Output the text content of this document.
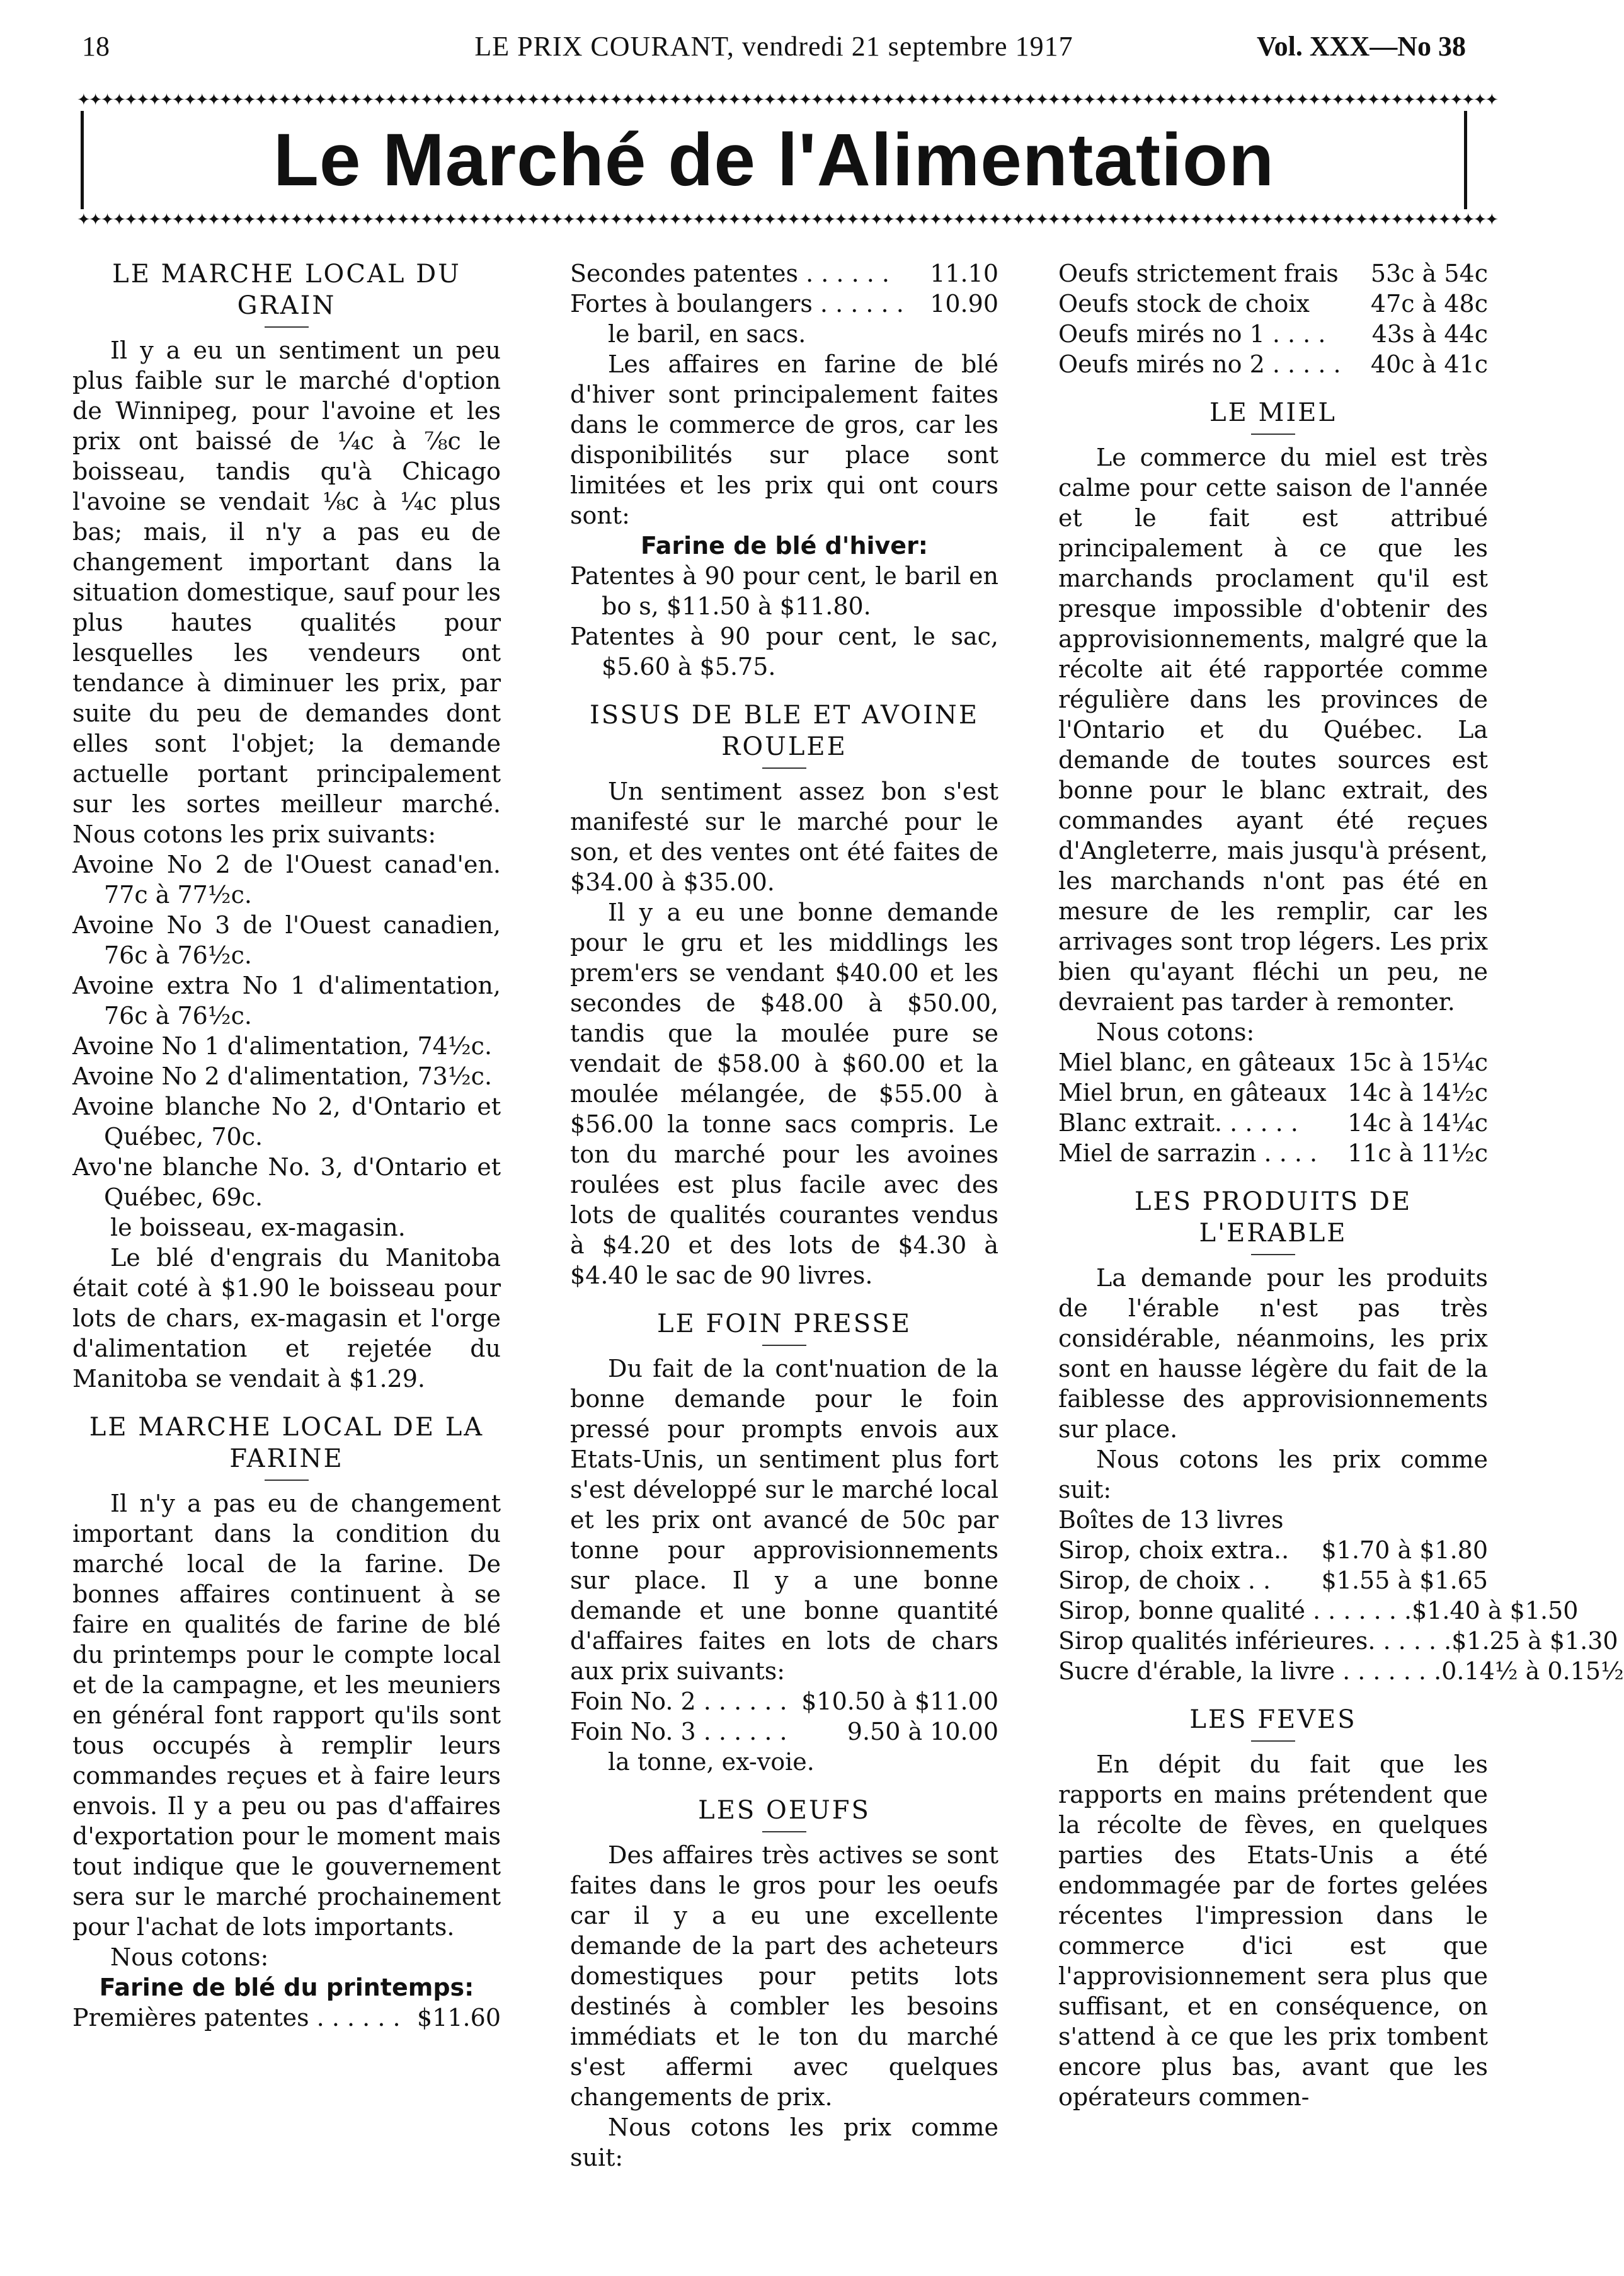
18	LE PRIX COURANT, vendredi 21 septembre 1917	Vol. XXX—No 38
✦✦✦✦✦✦✦✦✦✦✦✦✦✦✦✦✦✦✦✦✦✦✦✦✦✦✦✦✦✦✦✦✦✦✦✦✦✦✦✦✦✦✦✦✦✦✦✦✦✦✦✦✦✦✦✦✦✦✦✦✦✦✦✦✦✦✦✦✦✦✦✦✦✦✦✦✦✦✦✦✦✦✦✦✦✦✦✦✦✦✦✦✦✦✦✦✦✦✦✦✦✦✦✦✦✦✦✦✦✦✦✦✦✦✦✦✦✦✦✦
Le Marché de l'Alimentation
✦✦✦✦✦✦✦✦✦✦✦✦✦✦✦✦✦✦✦✦✦✦✦✦✦✦✦✦✦✦✦✦✦✦✦✦✦✦✦✦✦✦✦✦✦✦✦✦✦✦✦✦✦✦✦✦✦✦✦✦✦✦✦✦✦✦✦✦✦✦✦✦✦✦✦✦✦✦✦✦✦✦✦✦✦✦✦✦✦✦✦✦✦✦✦✦✦✦✦✦✦✦✦✦✦✦✦✦✦✦✦✦✦✦✦✦✦✦✦✦
LE MARCHE LOCAL DU GRAIN

Il y a eu un sentiment un peu plus faible sur le marché d'option de Winnipeg, pour l'avoine et les prix ont baissé de ¼c à ⅞c le boisseau, tandis qu'à Chicago l'avoine se vendait ⅛c à ¼c plus bas; mais, il n'y a pas eu de changement important dans la situation domestique, sauf pour les plus hautes qualités pour lesquelles les vendeurs ont tendance à diminuer les prix, par suite du peu de demandes dont elles sont l'objet; la demande actuelle portant principalement sur les sortes meilleur marché. Nous cotons les prix suivants:

Avoine No 2 de l'Ouest canad'en. 77c à 77½c.

Avoine No 3 de l'Ouest canadien, 76c à 76½c.

Avoine extra No 1 d'alimentation, 76c à 76½c.

Avoine No 1 d'alimentation, 74½c.

Avoine No 2 d'alimentation, 73½c.

Avoine blanche No 2, d'Ontario et Québec, 70c.

Avo'ne blanche No. 3, d'Ontario et Québec, 69c.

le boisseau, ex-magasin.

Le blé d'engrais du Manitoba était coté à $1.90 le boisseau pour lots de chars, ex-magasin et l'orge d'alimentation et rejetée du Manitoba se vendait à $1.29.

LE MARCHE LOCAL DE LA FARINE

Il n'y a pas eu de changement important dans la condition du marché local de la farine. De bonnes affaires continuent à se faire en qualités de farine de blé du printemps pour le compte local et de la campagne, et les meuniers en général font rapport qu'ils sont tous occupés à remplir leurs commandes reçues et à faire leurs envois. Il y a peu ou pas d'affaires d'exportation pour le moment mais tout indique que le gouvernement sera sur le marché prochainement pour l'achat de lots importants.

Nous cotons:

Farine de blé du printemps:
Premières patentes . . . . . . $11.60
Secondes patentes . . . . . . 11.10
Fortes à boulangers . . . . . . 10.90

le baril, en sacs.

Les affaires en farine de blé d'hiver sont principalement faites dans le commerce de gros, car les disponibilités sur place sont limitées et les prix qui ont cours sont:

Farine de blé d'hiver:

Patentes à 90 pour cent, le baril en bo s, $11.50 à $11.80.

Patentes à 90 pour cent, le sac, $5.60 à $5.75.

ISSUS DE BLE ET AVOINE ROULEE

Un sentiment assez bon s'est manifesté sur le marché pour le son, et des ventes ont été faites de $34.00 à $35.00.

Il y a eu une bonne demande pour le gru et les middlings les prem'ers se vendant $40.00 et les secondes de $48.00 à $50.00, tandis que la moulée pure se vendait de $58.00 à $60.00 et la moulée mélangée, de $55.00 à $56.00 la tonne sacs compris. Le ton du marché pour les avoines roulées est plus facile avec des lots de qualités courantes vendus à $4.20 et des lots de $4.30 à $4.40 le sac de 90 livres.

LE FOIN PRESSE

Du fait de la cont'nuation de la bonne demande pour le foin pressé pour prompts envois aux Etats-Unis, un sentiment plus fort s'est développé sur le marché local et les prix ont avancé de 50c par tonne pour approvisionnements sur place. Il y a une bonne demande et une bonne quantité d'affaires faites en lots de chars aux prix suivants:

Foin No. 2 . . . . . . $10.50 à $11.00
Foin No. 3 . . . . . .	9.50 à 10.00

la tonne, ex-voie.

LES OEUFS

Des affaires très actives se sont faites dans le gros pour les oeufs car il y a eu une excellente demande de la part des acheteurs domestiques pour petits lots destinés à combler les besoins immédiats et le ton du marché s'est affermi avec quelques changements de prix.

Nous cotons les prix comme suit:

Oeufs strictement frais 53c à 54c
Oeufs stock de choix	47c à 48c
Oeufs mirés no 1 . . . . 43s à 44c
Oeufs mirés no 2 . . . . . 40c à 41c
LE MIEL

Le commerce du miel est très calme pour cette saison de l'année et le fait est attribué principalement à ce que les marchands proclament qu'il est presque impossible d'obtenir des approvisionnements, malgré que la récolte ait été rapportée comme régulière dans les provinces de l'Ontario et du Québec. La demande de toutes sources est bonne pour le blanc extrait, des commandes ayant été reçues d'Angleterre, mais jusqu'à présent, les marchands n'ont pas été en mesure de les remplir, car les arrivages sont trop légers. Les prix bien qu'ayant fléchi un peu, ne devraient pas tarder à remonter.

Nous cotons:

Miel blanc, en gâteaux 15c à 15¼c
Miel brun, en gâteaux 14c à 14½c
Blanc extrait. . . . . . 14c à 14¼c
Miel de sarrazin . . . . 11c à 11½c
LES PRODUITS DE L'ERABLE

La demande pour les produits de l'érable n'est pas très considérable, néanmoins, les prix sont en hausse légère du fait de la faiblesse des approvisionnements sur place.

Nous cotons les prix comme suit:

Boîtes de 13 livres

Sirop, choix extra.. $1.70 à $1.80
Sirop, de choix . . $1.55 à $1.65
Sirop, bonne qualité . . . . . . . $1.40 à $1.50
Sirop qualités inférieures. . . . . . $1.25 à $1.30
Sucre d'érable, la livre . . . . . . . 0.14½ à 0.15½
LES FEVES

En dépit du fait que les rapports en mains prétendent que la récolte de fèves, en quelques parties des Etats-Unis a été endommagée par de fortes gelées récentes l'impression dans le commerce d'ici est que l'approvisionnement sera plus que suffisant, et en conséquence, on s'attend à ce que les prix tombent encore plus bas, avant que les opérateurs commen-
